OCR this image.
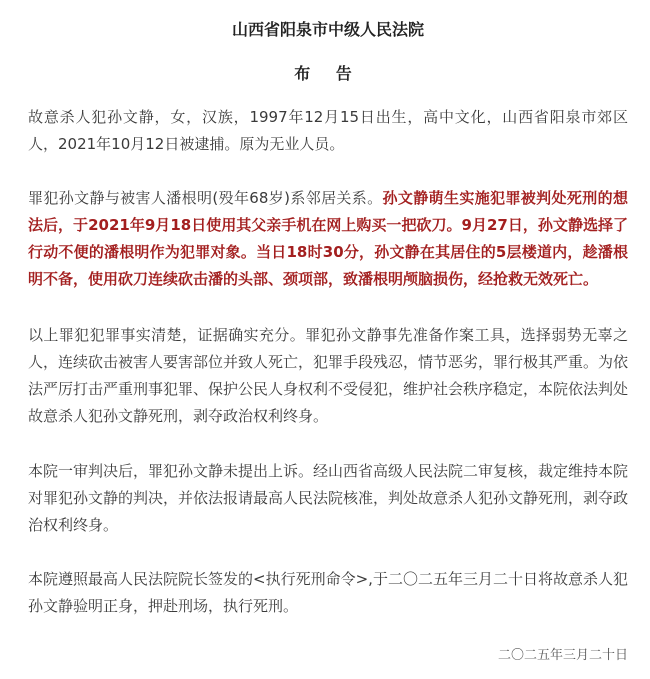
山西省阳泉市中级人民法院
布 告

故意杀人犯孙文静，女，汉族，1997年12月15日出生，高中文化，山西省阳泉市郊区人，2021年10月12日被逮捕。原为无业人员。

罪犯孙文静与被害人潘根明(殁年68岁)系邻居关系。孙文静萌生实施犯罪被判处死刑的想法后，于2021年9月18日使用其父亲手机在网上购买一把砍刀。9月27日，孙文静选择了行动不便的潘根明作为犯罪对象。当日18时30分，孙文静在其居住的5层楼道内，趁潘根明不备，使用砍刀连续砍击潘的头部、颈项部，致潘根明颅脑损伤，经抢救无效死亡。

以上罪犯犯罪事实清楚，证据确实充分。罪犯孙文静事先准备作案工具，选择弱势无辜之人，连续砍击被害人要害部位并致人死亡，犯罪手段残忍，情节恶劣，罪行极其严重。为依法严厉打击严重刑事犯罪、保护公民人身权利不受侵犯，维护社会秩序稳定，本院依法判处故意杀人犯孙文静死刑，剥夺政治权利终身。

本院一审判决后，罪犯孙文静未提出上诉。经山西省高级人民法院二审复核，裁定维持本院对罪犯孙文静的判决，并依法报请最高人民法院核准，判处故意杀人犯孙文静死刑，剥夺政治权利终身。

本院遵照最高人民法院院长签发的<执行死刑命令>,于二〇二五年三月二十日将故意杀人犯孙文静验明正身，押赴刑场，执行死刑。

二〇二五年三月二十日
